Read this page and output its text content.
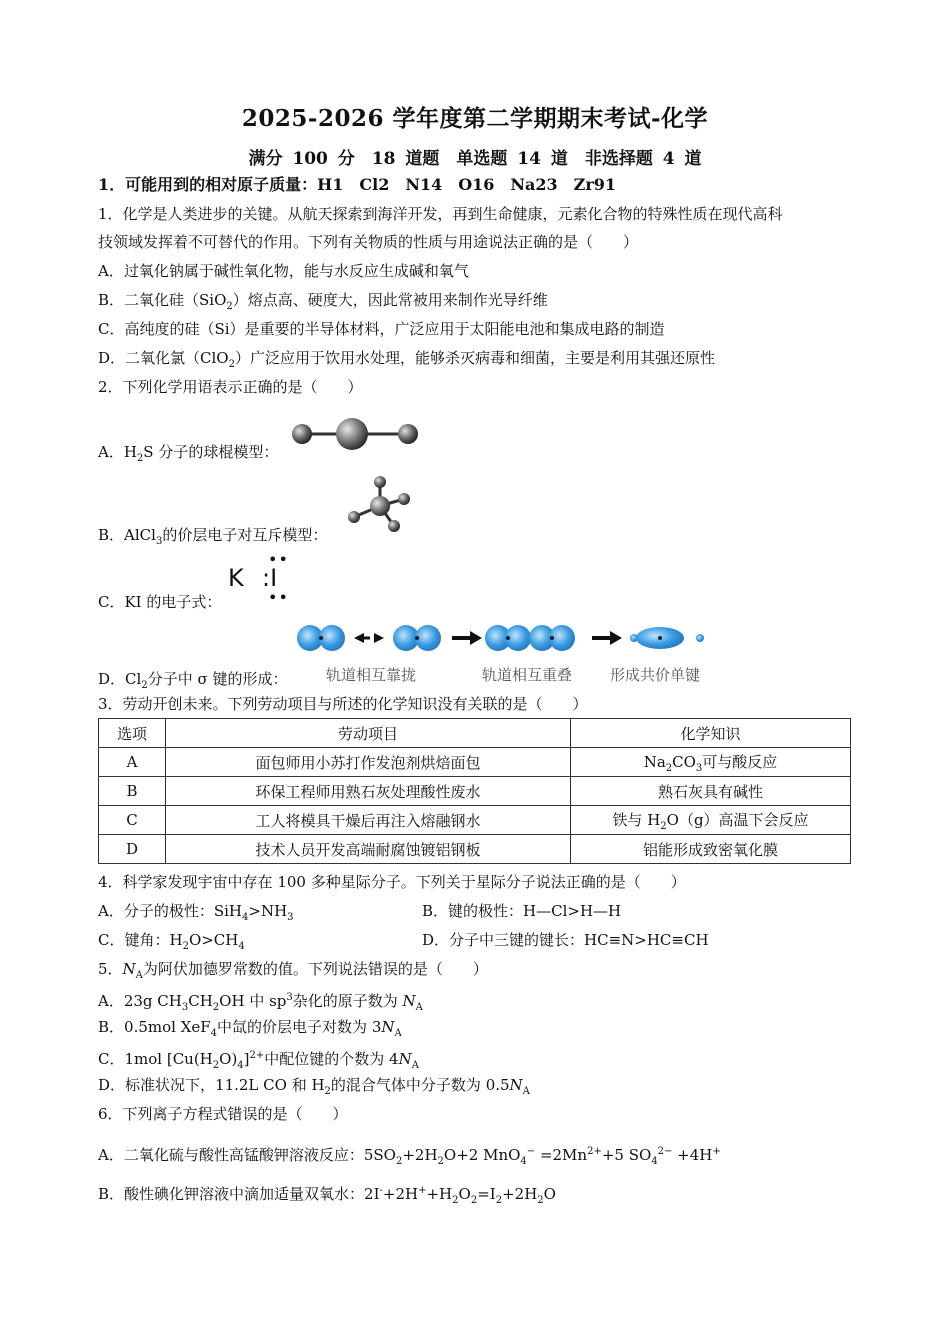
2025-2026 学年度第二学期期末考试-化学
满分 100 分　18 道题　单选题 14 道　非选择题 4 道
1．可能用到的相对原子质量：H1　Cl2　N14　O16　Na23　Zr91
1．化学是人类进步的关键。从航天探索到海洋开发，再到生命健康，元素化合物的特殊性质在现代高科
技领域发挥着不可替代的作用。下列有关物质的性质与用途说法正确的是（　　）
A．过氧化钠属于碱性氧化物，能与水反应生成碱和氧气
B．二氧化硅（SiO$_2$）熔点高、硬度大，因此常被用来制作光导纤维
C．高纯度的硅（Si）是重要的半导体材料，广泛应用于太阳能电池和集成电路的制造
D．二氧化氯（ClO$_2$）广泛应用于饮用水处理，能够杀灭病毒和细菌，主要是利用其强还原性
2．下列化学用语表示正确的是（　　）
A．$H_2S$ 分子的球棍模型：
B．AlCl$_3$的价层电子对互斥模型：
C．KI 的电子式：
K :I
••
••
D．$Cl_2$分子中 σ 键的形成：	轨道相互靠拢	轨道相互重叠	形成共价单键
3．劳动开创未来。下列劳动项目与所述的化学知识没有关联的是（　　）
选项	劳动项目	化学知识
A	面包师用小苏打作发泡剂烘焙面包	$Na_2CO_3$可与酸反应
B	环保工程师用熟石灰处理酸性废水	熟石灰具有碱性
C	工人将模具干燥后再注入熔融钢水	铁与 $H_2O(g)$高温下会反应
D	技术人员开发高端耐腐蚀镀铝钢板	铝能形成致密氧化膜
4．科学家发现宇宙中存在 100 多种星际分子。下列关于星际分子说法正确的是（　　）
A．分子的极性：$SiH_4>NH_3$	B．键的极性：H—Cl>H—H
C．键角：$H_2O>CH_4$	D．分子中三键的键长：HC≡N>HC≡CH
5．$N_A$为阿伏加德罗常数的值。下列说法错误的是（　　）
A．23g $CH_3CH_2OH$ 中 $sp^3$杂化的原子数为 $N_A$
B．0.5mol XeF$_4$中氙的价层电子对数为 $3N_A$
C．1mol $[Cu(H_2O)_4]^{2+}$中配位键的个数为 $4N_A$
D．标准状况下，11.2L CO 和 $H_2$的混合气体中分子数为 $0.5N_A$
6．下列离子方程式错误的是（　　）
A．二氧化硫与酸性高锰酸钾溶液反应：$5SO_2+2H_2O+2$ $MnO_4^- =2Mn^{2+}+5$ $SO_4^{2-} +4H^+$
B．酸性碘化钾溶液中滴加适量双氧水：$2I^-+2H^++H_2O_2=I_2+2H_2O$
